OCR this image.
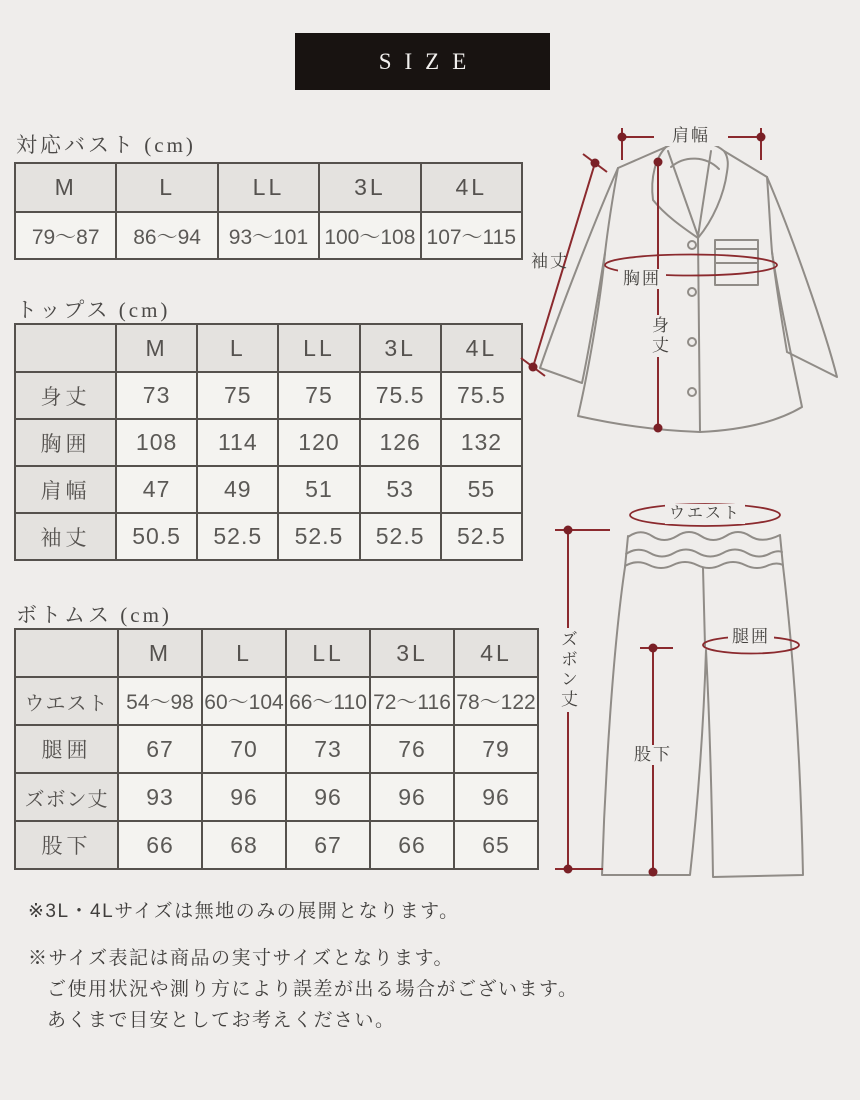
SIZE
対応バスト (cm)
M	L	LL	3L	4L
79〜87	86〜94	93〜101	100〜108	107〜115
トップス (cm)
	M	L	LL	3L	4L
身丈	73	75	75	75.5	75.5
胸囲	108	114	120	126	132
肩幅	47	49	51	53	55
袖丈	50.5	52.5	52.5	52.5	52.5
ボトムス (cm)
	M	L	LL	3L	4L
ウエスト	54〜98	60〜104	66〜110	72〜116	78〜122
腿囲	67	70	73	76	79
ズボン丈	93	96	96	96	96
股下	66	68	67	66	65
肩幅
袖丈
胸囲
身丈
ウエスト
ズボン丈	腿囲
股下
※3L・4Lサイズは無地のみの展開となります。
※サイズ表記は商品の実寸サイズとなります。
ご使用状況や測り方により誤差が出る場合がございます。
あくまで目安としてお考えください。
